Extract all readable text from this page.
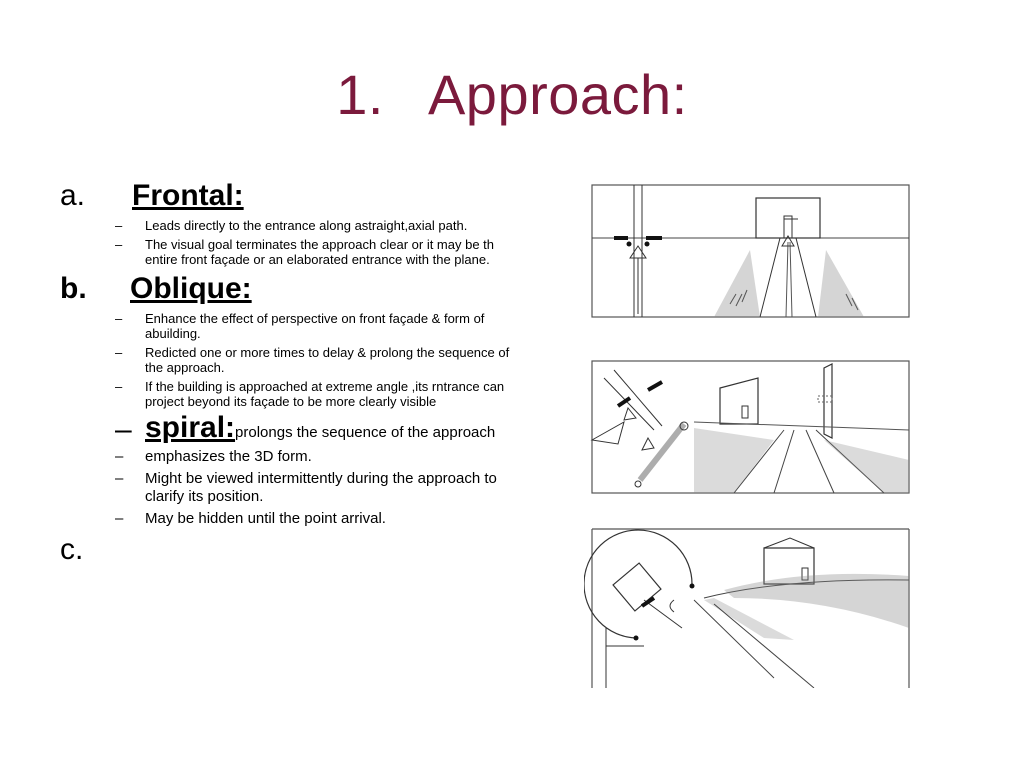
1. Approach:
a. Frontal:
– Leads directly to the entrance along astraight,axial path.
– The visual goal terminates the approach clear or it may be th entire front façade or an elaborated entrance with the plane.
b. Oblique:
– Enhance the effect of perspective on front façade & form of abuilding.
– Redicted one or more times to delay & prolong the sequence of the approach.
– If the building is approached at extreme angle ,its rntrance can project beyond its façade to be more clearly visible
– spiral:prolongs the sequence of the approach
– emphasizes the 3D form.
– Might be viewed intermittently during the approach to clarify its position.
– May be hidden until the point arrival.
c.
